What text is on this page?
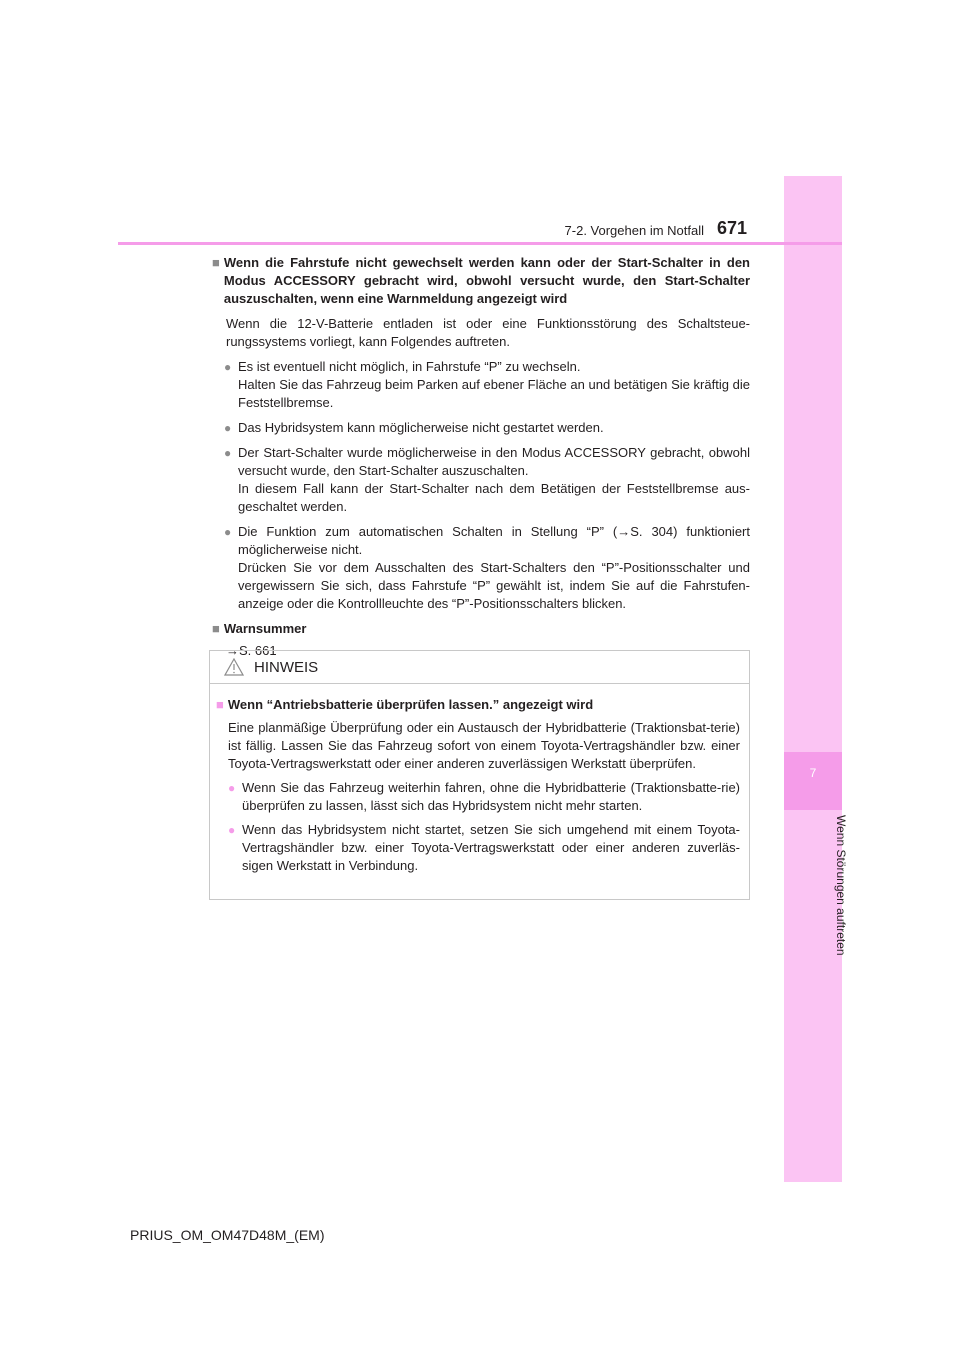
7
Wenn Störungen auftreten
7-2. Vorgehen im Notfall 671
■ Wenn die Fahrstufe nicht gewechselt werden kann oder der Start-Schalter in den Modus ACCESSORY gebracht wird, obwohl versucht wurde, den Start-Schalter auszuschalten, wenn eine Warnmeldung angezeigt wird

Wenn die 12-V-Batterie entladen ist oder eine Funktionsstörung des Schaltsteue-rungssystems vorliegt, kann Folgendes auftreten.

● Es ist eventuell nicht möglich, in Fahrstufe “P” zu wechseln.

Halten Sie das Fahrzeug beim Parken auf ebener Fläche an und betätigen Sie kräftig die Feststellbremse.

● Das Hybridsystem kann möglicherweise nicht gestartet werden.

● Der Start-Schalter wurde möglicherweise in den Modus ACCESSORY gebracht, obwohl versucht wurde, den Start-Schalter auszuschalten.

In diesem Fall kann der Start-Schalter nach dem Betätigen der Feststellbremse aus-geschaltet werden.

● Die Funktion zum automatischen Schalten in Stellung “P” (→S. 304) funktioniert möglicherweise nicht.

Drücken Sie vor dem Ausschalten des Start-Schalters den “P”-Positionsschalter und vergewissern Sie sich, dass Fahrstufe “P” gewählt ist, indem Sie auf die Fahrstufen-anzeige oder die Kontrollleuchte des “P”-Positionsschalters blicken.

■ Warnsummer

→S. 661

HINWEIS
■ Wenn “Antriebsbatterie überprüfen lassen.” angezeigt wird

Eine planmäßige Überprüfung oder ein Austausch der Hybridbatterie (Traktionsbat-terie) ist fällig. Lassen Sie das Fahrzeug sofort von einem Toyota-Vertragshändler bzw. einer Toyota-Vertragswerkstatt oder einer anderen zuverlässigen Werkstatt überprüfen.

● Wenn Sie das Fahrzeug weiterhin fahren, ohne die Hybridbatterie (Traktionsbatte-rie) überprüfen zu lassen, lässt sich das Hybridsystem nicht mehr starten.

● Wenn das Hybridsystem nicht startet, setzen Sie sich umgehend mit einem Toyota-Vertragshändler bzw. einer Toyota-Vertragswerkstatt oder einer anderen zuverläs-sigen Werkstatt in Verbindung.

PRIUS_OM_OM47D48M_(EM)
